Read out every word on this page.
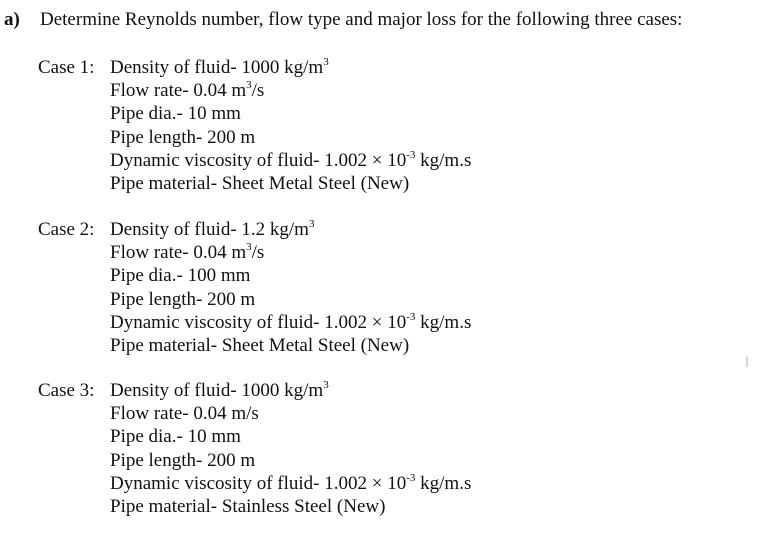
a)	Determine Reynolds number, flow type and major loss for the following three cases:
Case 1: Density of fluid- 1000 $kg/m^3$
Flow rate- 0.04 $m^3/s$
Pipe dia.- 10 mm
Pipe length- 200 m
Dynamic viscosity of fluid- $1.002 \times 10^{-3}$ kg/m.s
Pipe material- Sheet Metal Steel (New)
Case 2: Density of fluid- 1.2 $kg/m^3$
Flow rate- 0.04 $m^3/s$
Pipe dia.- 100 mm
Pipe length- 200 m
Dynamic viscosity of fluid- $1.002 \times 10^{-3}$ kg/m.s
Pipe material- Sheet Metal Steel (New)
Case 3: Density of fluid- 1000 $kg/m^3$
Flow rate- 0.04 m/s
Pipe dia.- 10 mm
Pipe length- 200 m
Dynamic viscosity of fluid- $1.002 \times 10^{-3}$ kg/m.s
Pipe material- Stainless Steel (New)
I
